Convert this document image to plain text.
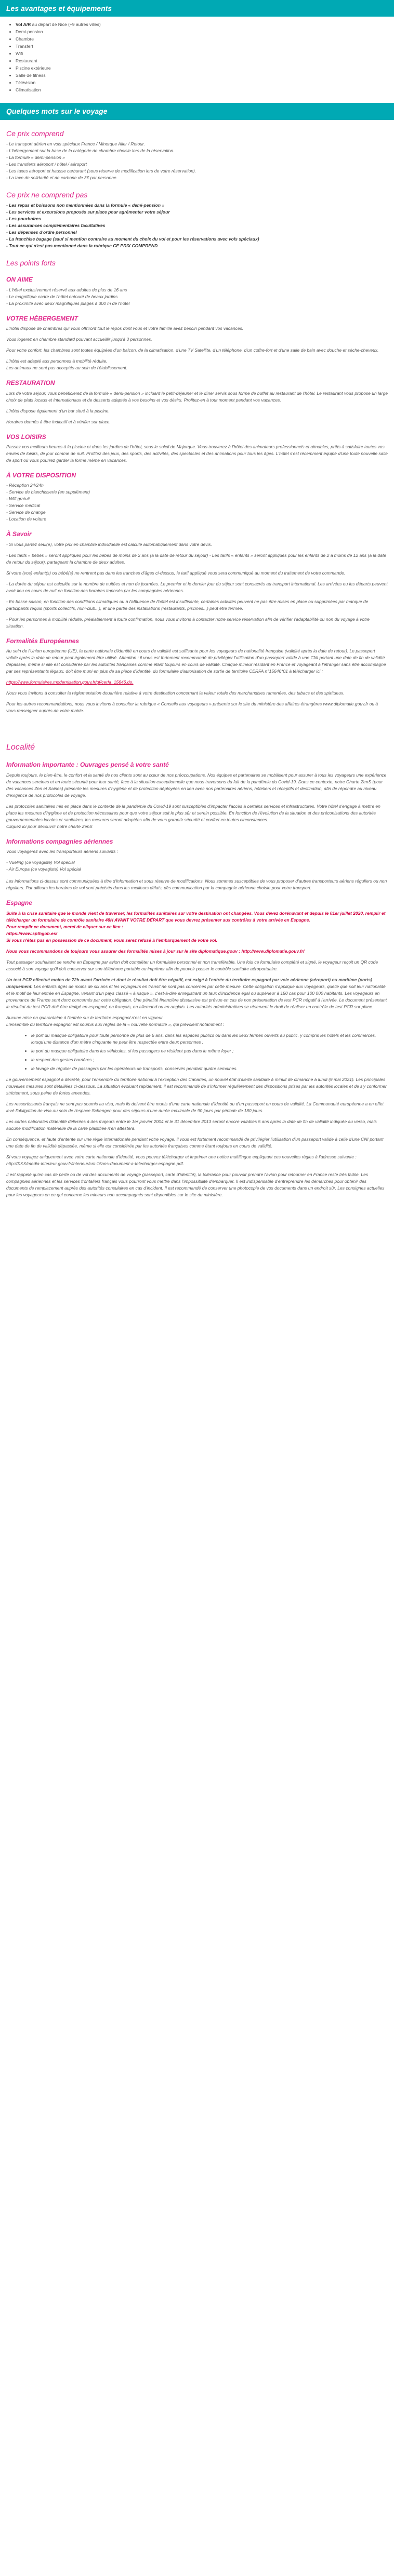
Les avantages et équipements
• Vol A/R au départ de Nice (+9 autres villes)
• Demi-pension
• Chambre
• Transfert
• Wifi
• Restaurant
• Piscine extérieure
• Salle de fitness
• Télévision
• Climatisation
Quelques mots sur le voyage
Ce prix comprend
- Le transport aérien en vols spéciaux France / Minorque Aller / Retour.
- L'hébergement sur la base de la catégorie de chambre choisie lors de la réservation.
- La formule « demi-pension »
- Les transferts aéroport / hôtel / aéroport
- Les taxes aéroport et hausse carburant (sous réserve de modification lors de votre réservation).
- La taxe de solidarité et de carbone de 3€ par personne.
Ce prix ne comprend pas
- Les repas et boissons non mentionnées dans la formule « demi-pension »
- Les services et excursions proposés sur place pour agrémenter votre séjour
- Les pourboires
- Les assurances complémentaires facultatives
- Les dépenses d'ordre personnel
- La franchise bagage (sauf si mention contraire au moment du choix du vol et pour les réservations avec vols spéciaux)
- Tout ce qui n'est pas mentionné dans la rubrique CE PRIX COMPREND
Les points forts
ON AIME
- L'hôtel exclusivement réservé aux adultes de plus de 16 ans
- Le magnifique cadre de l'hôtel entouré de beaux jardins
- La proximité avec deux magnifiques plages à 300 m de l'hôtel
VOTRE HÉBERGEMENT

L'hôtel dispose de chambres qui vous offriront tout le repos dont vous et votre famille avez besoin pendant vos vacances.

Vous logerez en chambre standard pouvant accueillir jusqu'à 3 personnes.

Pour votre confort, les chambres sont toutes équipées d'un balcon, de la climatisation, d'une TV Satellite, d'un téléphone, d'un coffre-fort et d'une salle de bain avec douche et sèche-cheveux.

L'hôtel est adapté aux personnes à mobilité réduite.
Les animaux ne sont pas acceptés au sein de l'établissement.

RESTAURATION

Lors de votre séjour, vous bénéficierez de la formule « demi-pension » incluant le petit-déjeuner et le dîner servis sous forme de buffet au restaurant de l'hôtel. Le restaurant vous propose un large choix de plats locaux et internationaux et de desserts adaptés à vos besoins et vos désirs. Profitez-en à tout moment pendant vos vacances.

L'hôtel dispose également d'un bar situé à la piscine.

Horaires donnés à titre indicatif et à vérifier sur place.

VOS LOISIRS

Passez vos meilleurs heures à la piscine et dans les jardins de l'hôtel, sous le soleil de Majorque. Vous trouverez à l'hôtel des animateurs professionnels et aimables, prêts à satisfaire toutes vos envies de loisirs, de jour comme de nuit. Profitez des jeux, des sports, des activités, des spectacles et des animations pour tous les âges. L'hôtel s'est récemment équipé d'une toute nouvelle salle de sport où vous pourrez garder la forme même en vacances.

À VOTRE DISPOSITION
- Réception 24/24h
- Service de blanchisserie (en supplément)
- Wifi gratuit
- Service médical
- Service de change
- Location de voiture
À Savoir

- Si vous partez seul(e), votre prix en chambre individuelle est calculé automatiquement dans votre devis.

- Les tarifs « bébés » seront appliqués pour les bébés de moins de 2 ans (à la date de retour du séjour) - Les tarifs « enfants » seront appliqués pour les enfants de 2 à moins de 12 ans (à la date de retour du séjour), partageant la chambre de deux adultes.

Si votre (vos) enfant(s) ou bébé(s) ne rentrent pas dans les tranches d'âges ci-dessus, le tarif appliqué vous sera communiqué au moment du traitement de votre commande.

- La durée du séjour est calculée sur le nombre de nuitées et non de journées. Le premier et le dernier jour du séjour sont consacrés au transport international. Les arrivées ou les départs peuvent avoir lieu en cours de nuit en fonction des horaires imposés par les compagnies aériennes.

- En basse saison, en fonction des conditions climatiques ou à l'affluence de l'hôtel est insuffisante, certaines activités peuvent ne pas être mises en place ou supprimées par manque de participants requis (sports collectifs, mini-club...), et une partie des installations (restaurants, piscines...) peut être fermée.

- Pour les personnes à mobilité réduite, préalablement à toute confirmation, nous vous invitons à contacter notre service réservation afin de vérifier l'adaptabilité ou non du voyage à votre situation.

Formalités Européennes

Au sein de l'Union européenne (UE), la carte nationale d'identité en cours de validité est suffisante pour les voyageurs de nationalité française (validité après la date de retour). Le passeport valide après la date de retour peut également être utilisé. Attention : il vous est fortement recommandé de privilégier l'utilisation d'un passeport valide à une CNI portant une date de fin de validité dépassée, même si elle est considérée par les autorités françaises comme étant toujours en cours de validité. Chaque mineur résidant en France et voyageant à l'étranger sans être accompagné par ses représentants légaux, doit être muni en plus de sa pièce d'identité, du formulaire d'autorisation de sortie de territoire CERFA n°15646*01 à télécharger ici :

https://www.formulaires.modernisation.gouv.fr/gf/cerfa_15646.do.

Nous vous invitons à consulter la réglementation douanière relative à votre destination concernant la valeur totale des marchandises ramenées, des tabacs et des spiritueux.

Pour les autres recommandations, nous vous invitons à consulter la rubrique « Conseils aux voyageurs » présente sur le site du ministère des affaires étrangères www.diplomatie.gouv.fr ou à vous renseigner auprès de votre mairie.

Localité
Information importante : Ouvrages pensé à votre santé

Depuis toujours, le bien-être, le confort et la santé de nos clients sont au cœur de nos préoccupations. Nos équipes et partenaires se mobilisent pour assurer à tous les voyageurs une expérience de vacances sereines et en toute sécurité pour leur santé, face à la situation exceptionnelle que nous traversons du fait de la pandémie du Covid-19. Dans ce contexte, notre Charte ZenS (pour des vacances Zen et Saines) présente les mesures d'hygiène et de protection déployées en lien avec nos partenaires aériens, hôteliers et réceptifs et destination, afin de répondre au niveau d'exigence de nos protocoles de voyage.

Les protocoles sanitaires mis en place dans le contexte de la pandémie du Covid-19 sont susceptibles d'impacter l'accès à certains services et infrastructures. Votre hôtel s'engage à mettre en place les mesures d'hygiène et de protection nécessaires pour que votre séjour soit le plus sûr et serein possible. En fonction de l'évolution de la situation et des préconisations des autorités gouvernementales locales et sanitaires, les mesures seront adaptées afin de vous garantir sécurité et confort en toutes circonstances.
Cliquez ici pour découvrir notre charte ZenS

Informations compagnies aériennes

Vous voyagerez avec les transporteurs aériens suivants :

- Vueling (ce voyagiste) Vol spécial
- Air Europa (ce voyagiste) Vol spécial

Les informations ci-dessus sont communiquées à titre d'information et sous réserve de modifications. Nous sommes susceptibles de vous proposer d'autres transporteurs aériens réguliers ou non réguliers. Par ailleurs les horaires de vol sont précisés dans les meilleurs délais, dès communication par la compagnie aérienne choisie pour votre transport.

Espagne

Suite à la crise sanitaire que le monde vient de traverser, les formalités sanitaires sur votre destination ont changées. Vous devez dorénavant et depuis le 01er juillet 2020, remplir et télécharger un formulaire de contrôle sanitaire 48H AVANT VOTRE DÉPART que vous devrez présenter aux contrôles à votre arrivée en Espagne.
Pour remplir ce document, merci de cliquer sur ce lien :
https://www.spthgob.es/
Si vous n'êtes pas en possession de ce document, vous serez refusé à l'embarquement de votre vol.

Nous vous recommandons de toujours vous assurer des formalités mises à jour sur le site diplomatique.gouv : http://www.diplomatie.gouv.fr/

Tout passager souhaitant se rendre en Espagne par avion doit compléter un formulaire personnel et non transférable. Une fois ce formulaire complété et signé, le voyageur reçoit un QR code associé à son voyage qu'il doit conserver sur son téléphone portable ou imprimer afin de pouvoir passer le contrôle sanitaire aéroportuaire.

Un test PCR effectué moins de 72h avant l'arrivée et dont le résultat doit être négatif, est exigé à l'entrée du territoire espagnol par voie aérienne (aéroport) ou maritime (ports) uniquement. Les enfants âgés de moins de six ans et les voyageurs en transit ne sont pas concernés par cette mesure. Cette obligation s'applique aux voyageurs, quelle que soit leur nationalité et le motif de leur entrée en Espagne, venant d'un pays classé « à risque », c'est-à-dire enregistrant un taux d'incidence égal ou supérieur à 150 cas pour 100 000 habitants. Les voyageurs en provenance de France sont donc concernés par cette obligation. Une pénalité financière dissuasive est prévue en cas de non présentation de test PCR négatif à l'arrivée. Le document présentant le résultat du test PCR doit être rédigé en espagnol, en français, en allemand ou en anglais. Les autorités administratives se réservent le droit de réaliser un contrôle de test PCR sur place.

Aucune mise en quarantaine à l'entrée sur le territoire espagnol n'est en vigueur.
L'ensemble du territoire espagnol est soumis aux règles de la « nouvelle normalité », qui prévoient notamment :

• le port du masque obligatoire pour toute personne de plus de 6 ans, dans les espaces publics ou dans les lieux fermés ouverts au public, y compris les hôtels et les commerces, lorsqu'une distance d'un mètre cinquante ne peut être respectée entre deux personnes ;
• le port du masque obligatoire dans les véhicules, si les passagers ne résident pas dans le même foyer ;
• le respect des gestes barrières ;
• le lavage de régulier de passagers par les opérateurs de transports, conservés pendant quatre semaines.

Le gouvernement espagnol a décrété, pour l'ensemble du territoire national à l'exception des Canaries, un nouvel état d'alerte sanitaire à minuit de dimanche à lundi (9 mai 2021). Les principales nouvelles mesures sont détaillées ci-dessous. La situation évoluant rapidement, il est recommandé de s'informer régulièrement des dispositions prises par les autorités locales et de s'y conformer strictement, sous peine de fortes amendes.

Les ressortissants français ne sont pas soumis au visa, mais ils doivent être munis d'une carte nationale d'identité ou d'un passeport en cours de validité. La Communauté européenne a en effet levé l'obligation de visa au sein de l'espace Schengen pour des séjours d'une durée maximale de 90 jours par période de 180 jours.

Les cartes nationales d'identité délivrées à des majeurs entre le 1er janvier 2004 et le 31 décembre 2013 seront encore valables 5 ans après la date de fin de validité indiquée au verso, mais aucune modification matérielle de la carte plastifiée n'en attestera.

En conséquence, et faute d'entente sur une règle internationale pendant votre voyage, il vous est fortement recommandé de privilégier l'utilisation d'un passeport valide à celle d'une CNI portant une date de fin de validité dépassée, même si elle est considérée par les autorités françaises comme étant toujours en cours de validité.

Si vous voyagez uniquement avec votre carte nationale d'identité, vous pouvez télécharger et imprimer une notice multilingue expliquant ces nouvelles règles à l'adresse suivante : http://XXX/media-interieur.gouv.fr/interieur/cni-15ans-document-a-telecharger-espagne.pdf.

Il est rappelé qu'en cas de perte ou de vol des documents de voyage (passeport, carte d'identité), la tolérance pour pouvoir prendre l'avion pour retourner en France reste très faible. Les compagnies aériennes et les services frontaliers français vous pourront vous mettre dans l'impossibilité d'embarquer. Il est indispensable d'entreprendre les démarches pour obtenir des documents de remplacement auprès des autorités consulaires en cas d'incident. Il est recommandé de conserver une photocopie de vos documents dans un endroit sûr. Les consignes actuelles pour les voyageurs en ce qui concerne les mineurs non accompagnés sont disponibles sur le site du ministère.
